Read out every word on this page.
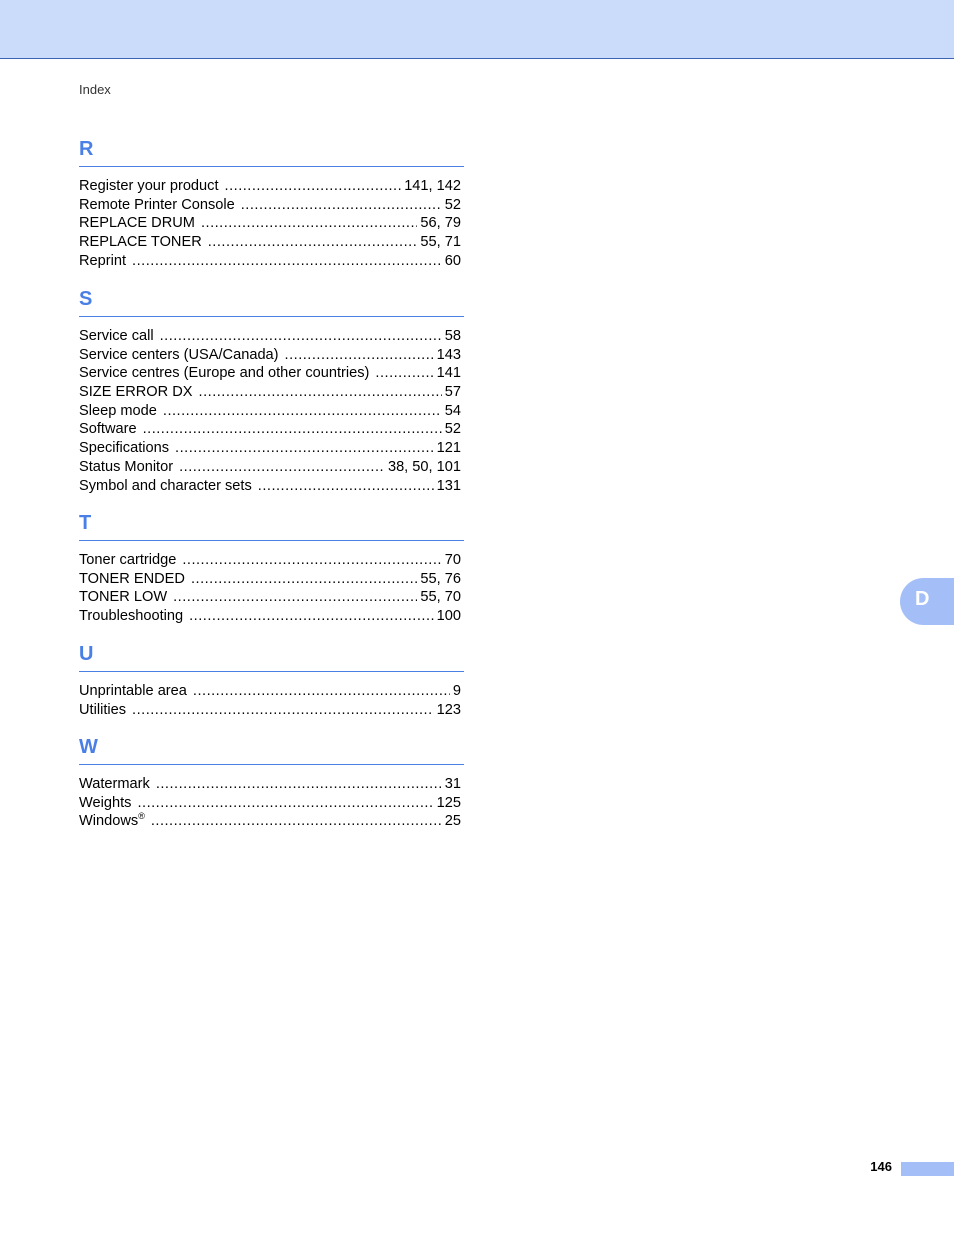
Index
R
Register your product .....	141, 142
Remote Printer Console .....	52
REPLACE DRUM .....	56, 79
REPLACE TONER .....	55, 71
Reprint .....	60
S
Service call .....	58
Service centers (USA/Canada) .....	143
Service centres (Europe and other countries) .....	141
SIZE ERROR DX .....	57
Sleep mode .....	54
Software .....	52
Specifications .....	121
Status Monitor .....	38, 50, 101
Symbol and character sets .....	131
T
Toner cartridge .....	70
TONER ENDED .....	55, 76
TONER LOW .....	55, 70
Troubleshooting .....	100
U
Unprintable area .....	9
Utilities .....	123
W
Watermark .....	31
Weights .....	125
Windows® .....	25
D
146
